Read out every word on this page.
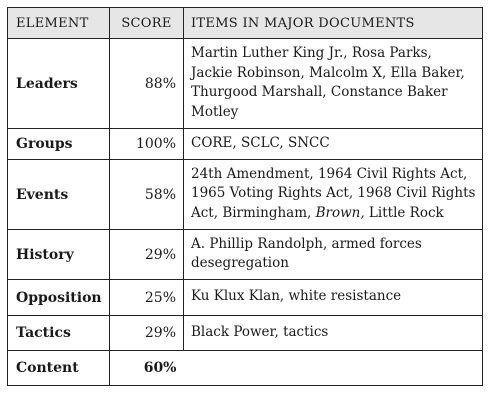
ELEMENT	SCORE	ITEMS IN MAJOR DOCUMENTS
Leaders	88%	Martin Luther King Jr., Rosa Parks, Jackie Robinson, Malcolm X, Ella Baker, Thurgood Marshall, Constance Baker Motley
Groups	100%	CORE, SCLC, SNCC
Events	58%	24th Amendment, 1964 Civil Rights Act, 1965 Voting Rights Act, 1968 Civil Rights Act, Birmingham, Brown, Little Rock
History	29%	A. Phillip Randolph, armed forces desegregation
Opposition	25%	Ku Klux Klan, white resistance
Tactics	29%	Black Power, tactics
Content	60%	
